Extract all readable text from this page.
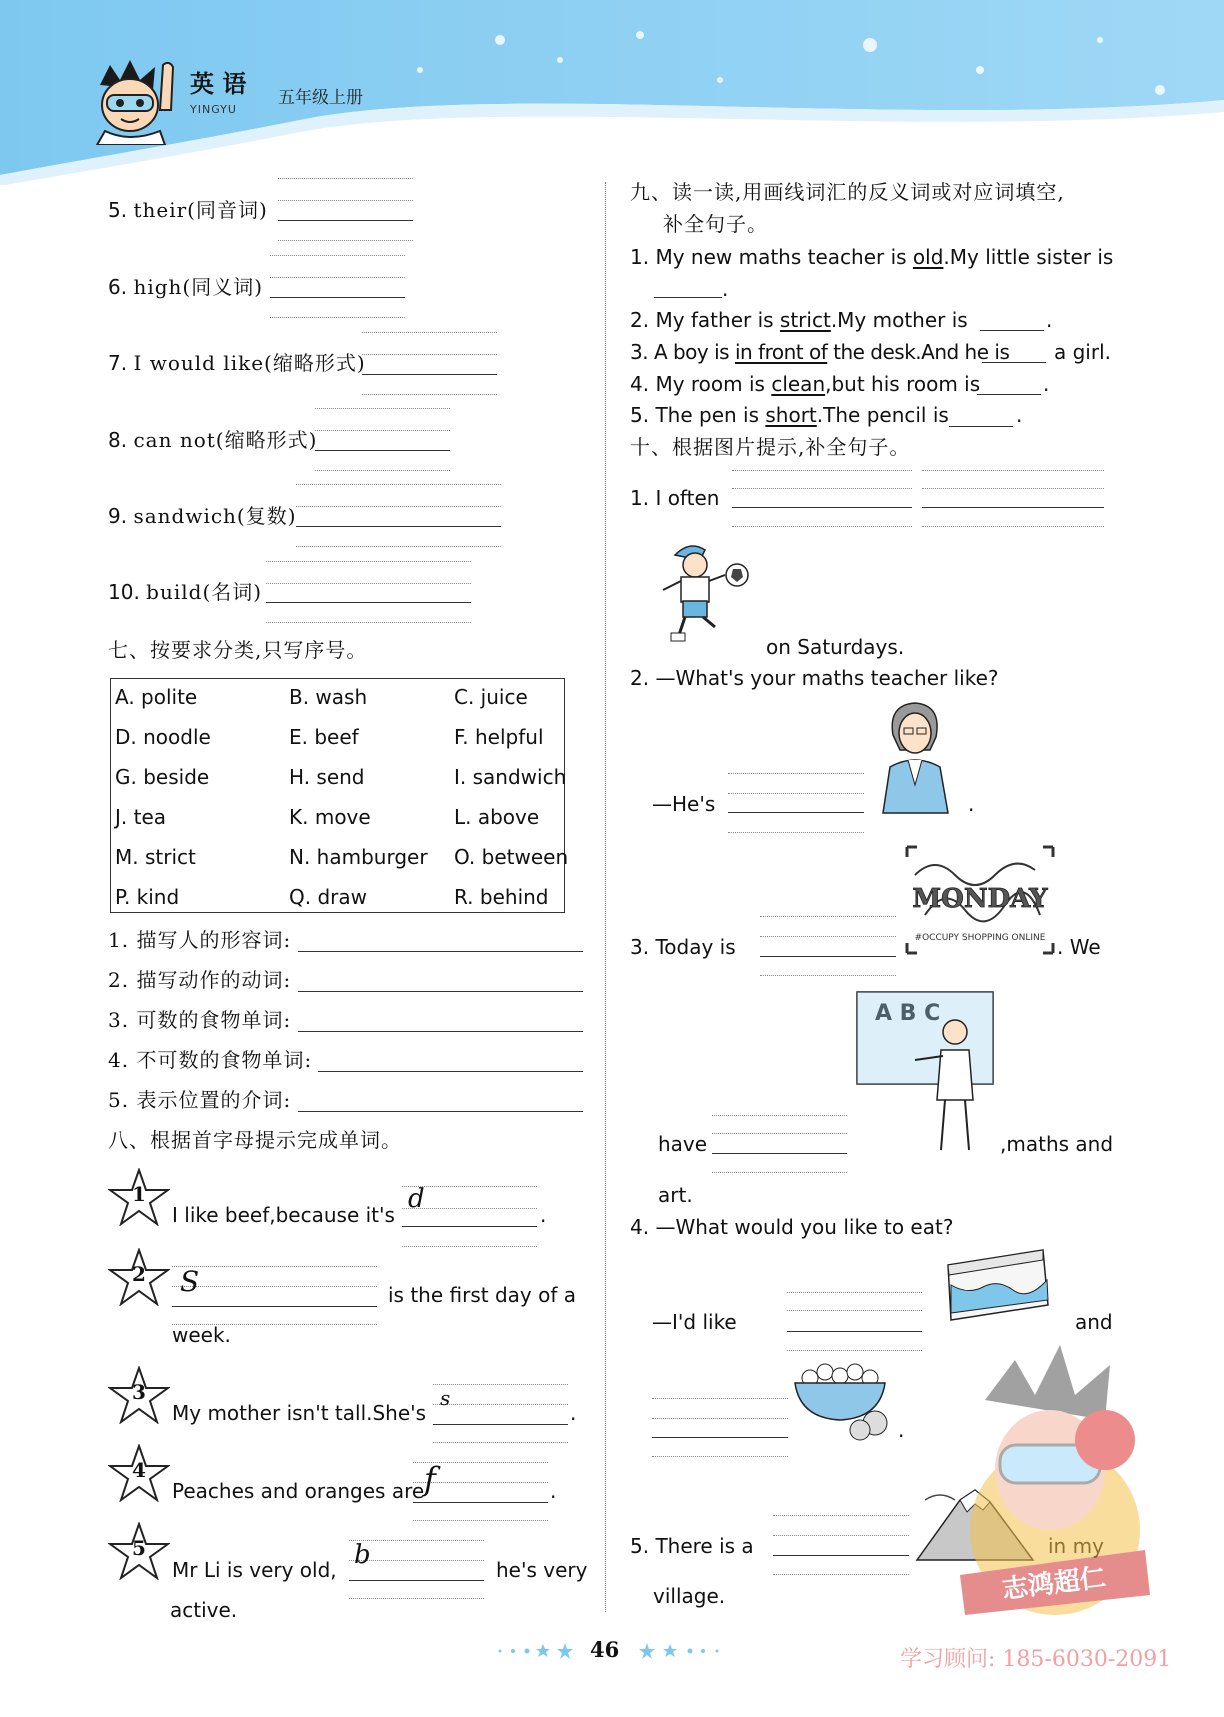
英 语
YINGYU
五年级上册
5. their(同音词)
6. high(同义词)
7. I would like(缩略形式)
8. can not(缩略形式)
9. sandwich(复数)
10. build(名词)
七、按要求分类,只写序号。
A. polite	B. wash	C. juice
D. noodle	E. beef	F. helpful
G. beside	H. send	I. sandwich
J. tea	K. move	L. above
M. strict	N. hamburger O. between
P. kind	Q. draw	R. behind
1. 描写人的形容词:
2. 描写动作的动词:
3. 可数的食物单词:
4. 不可数的食物单词:
5. 表示位置的介词:
八、根据首字母提示完成单词。
1
I like beef,because it's
d
.
2 S	is the first day of a
week.
3
My mother isn't tall.She's
s
.
4
Peaches and oranges are f	.
5
Mr Li is very old, b	he's very
active.
九、读一读,用画线词汇的反义词或对应词填空,
补全句子。
1. My new maths teacher is old.My little sister is
.
2. My father is strict.My mother is	.
3. A boy is in front of the desk.And he is a girl.
4. My room is clean,but his room is	.
5. The pen is short.The pencil is	.
十、根据图片提示,补全句子。
1. I often
on Saturdays.
2. —What's your maths teacher like?
—He's	.
MONDAY
#OCCUPY SHOPPING ONLINE
3. Today is	. We
A B C
have	,maths and
art.
4. —What would you like to eat?
—I'd like	and
.
5. There is a
village.	志鸿超仁
46	学习顾问: 185-6030-2091
